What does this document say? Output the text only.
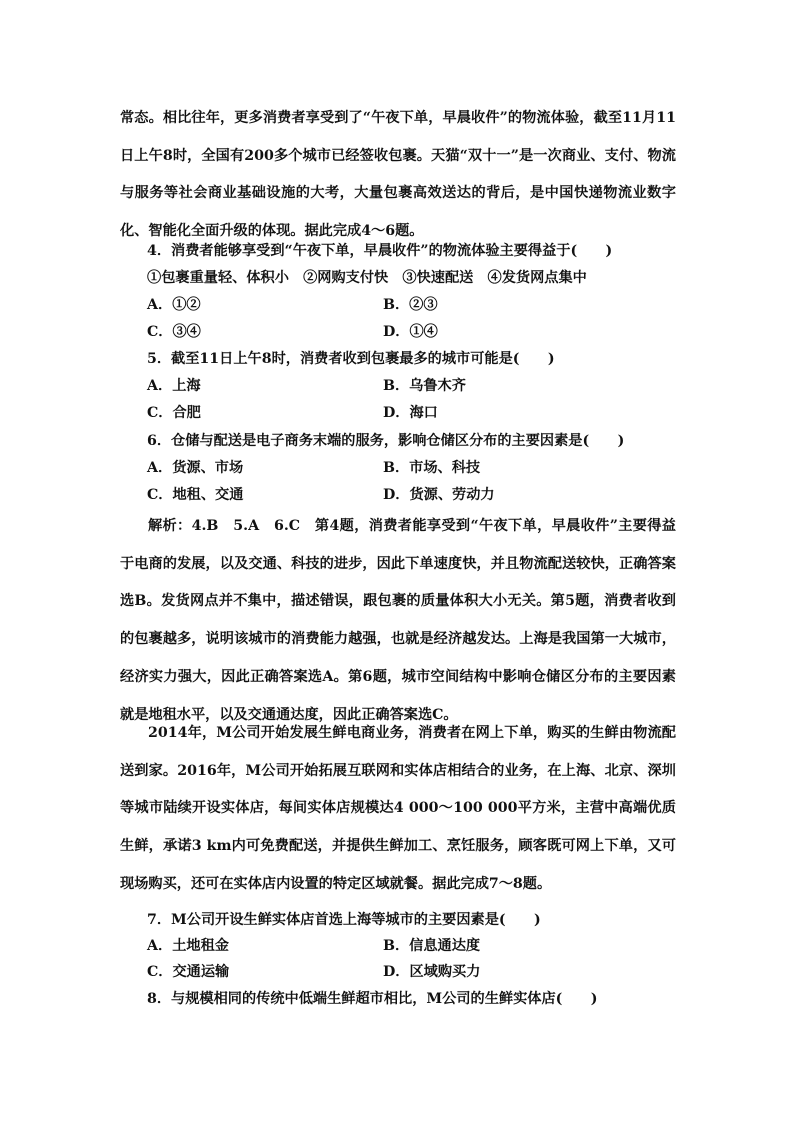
常态。相比往年，更多消费者享受到了“午夜下单，早晨收件”的物流体验，截至11月11日上午8时，全国有200多个城市已经签收包裹。天猫“双十一”是一次商业、支付、物流与服务等社会商业基础设施的大考，大量包裹高效送达的背后，是中国快递物流业数字化、智能化全面升级的体现。据此完成4～6题。

4．消费者能够享受到“午夜下单，早晨收件”的物流体验主要得益于(　　)

①包裹重量轻、体积小　②网购支付快　③快速配送　④发货网点集中

A．①②	B．②③

C．③④	D．①④

5．截至11日上午8时，消费者收到包裹最多的城市可能是(　　)

A．上海	B．乌鲁木齐

C．合肥	D．海口

6．仓储与配送是电子商务末端的服务，影响仓储区分布的主要因素是(　　)

A．货源、市场	B．市场、科技

C．地租、交通	D．货源、劳动力

解析：4.B　5.A　6.C　第4题，消费者能享受到“午夜下单，早晨收件”主要得益于电商的发展，以及交通、科技的进步，因此下单速度快，并且物流配送较快，正确答案选B。发货网点并不集中，描述错误，跟包裹的质量体积大小无关。第5题，消费者收到的包裹越多，说明该城市的消费能力越强，也就是经济越发达。上海是我国第一大城市，经济实力强大，因此正确答案选A。第6题，城市空间结构中影响仓储区分布的主要因素就是地租水平，以及交通通达度，因此正确答案选C。

2014年，M公司开始发展生鲜电商业务，消费者在网上下单，购买的生鲜由物流配送到家。2016年，M公司开始拓展互联网和实体店相结合的业务，在上海、北京、深圳等城市陆续开设实体店，每间实体店规模达4 000～100 000平方米，主营中高端优质生鲜，承诺3 km内可免费配送，并提供生鲜加工、烹饪服务，顾客既可网上下单，又可现场购买，还可在实体店内设置的特定区域就餐。据此完成7～8题。

7．M公司开设生鲜实体店首选上海等城市的主要因素是(　　)

A．土地租金	B．信息通达度

C．交通运输	D．区域购买力

8．与规模相同的传统中低端生鲜超市相比，M公司的生鲜实体店(　　)
